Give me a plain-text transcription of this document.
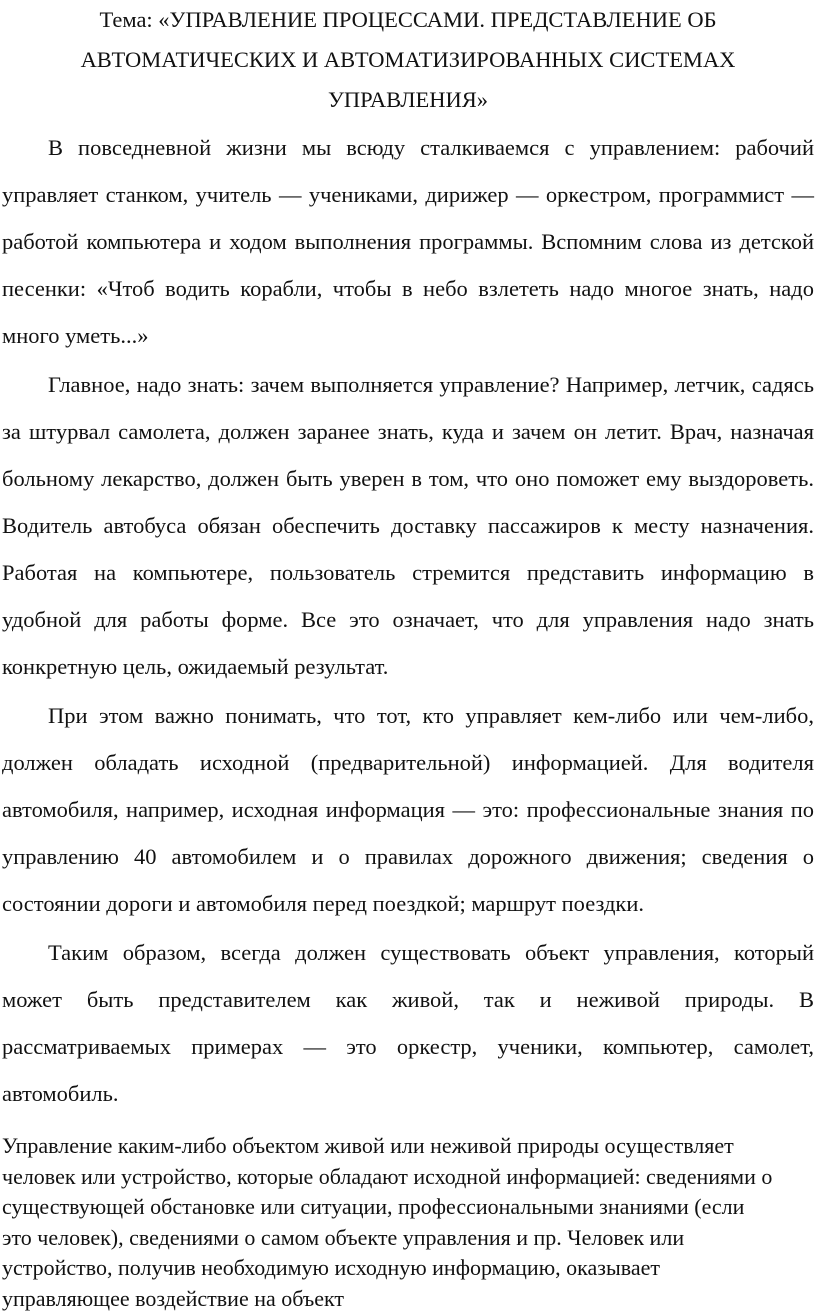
Тема: «УПРАВЛЕНИЕ ПРОЦЕССАМИ. ПРЕДСТАВЛЕНИЕ ОБ АВТОМАТИЧЕСКИХ И АВТОМАТИЗИРОВАННЫХ СИСТЕМАХ УПРАВЛЕНИЯ»

В повседневной жизни мы всюду сталкиваемся с управлением: рабочий управляет станком, учитель — учениками, дирижер — оркестром, программист — работой компьютера и ходом выполнения программы. Вспомним слова из детской песенки: «Чтоб водить корабли, чтобы в небо взлететь надо многое знать, надо много уметь...»

Главное, надо знать: зачем выполняется управление? Например, летчик, садясь за штурвал самолета, должен заранее знать, куда и зачем он летит. Врач, назначая больному лекарство, должен быть уверен в том, что оно поможет ему выздороветь. Водитель автобуса обязан обеспечить доставку пассажиров к месту назначения. Работая на компьютере, пользователь стремится представить информацию в удобной для работы форме. Все это означает, что для управления надо знать конкретную цель, ожидаемый результат.

При этом важно понимать, что тот, кто управляет кем-либо или чем-либо, должен обладать исходной (предварительной) информацией. Для водителя автомобиля, например, исходная информация — это: профессиональные знания по управлению 40 автомобилем и о правилах дорожного движения; сведения о состоянии дороги и автомобиля перед поездкой; маршрут поездки.

Таким образом, всегда должен существовать объект управления, который может быть представителем как живой, так и неживой природы. В рассматриваемых примерах — это оркестр, ученики, компьютер, самолет, автомобиль.

Управление каким-либо объектом живой или неживой природы осуществляет человек или устройство, которые обладают исходной информацией: сведениями о существующей обстановке или ситуации, профессиональными знаниями (если это человек), сведениями о самом объекте управления и пр. Человек или устройство, получив необходимую исходную информацию, оказывает управляющее воздействие на объект
